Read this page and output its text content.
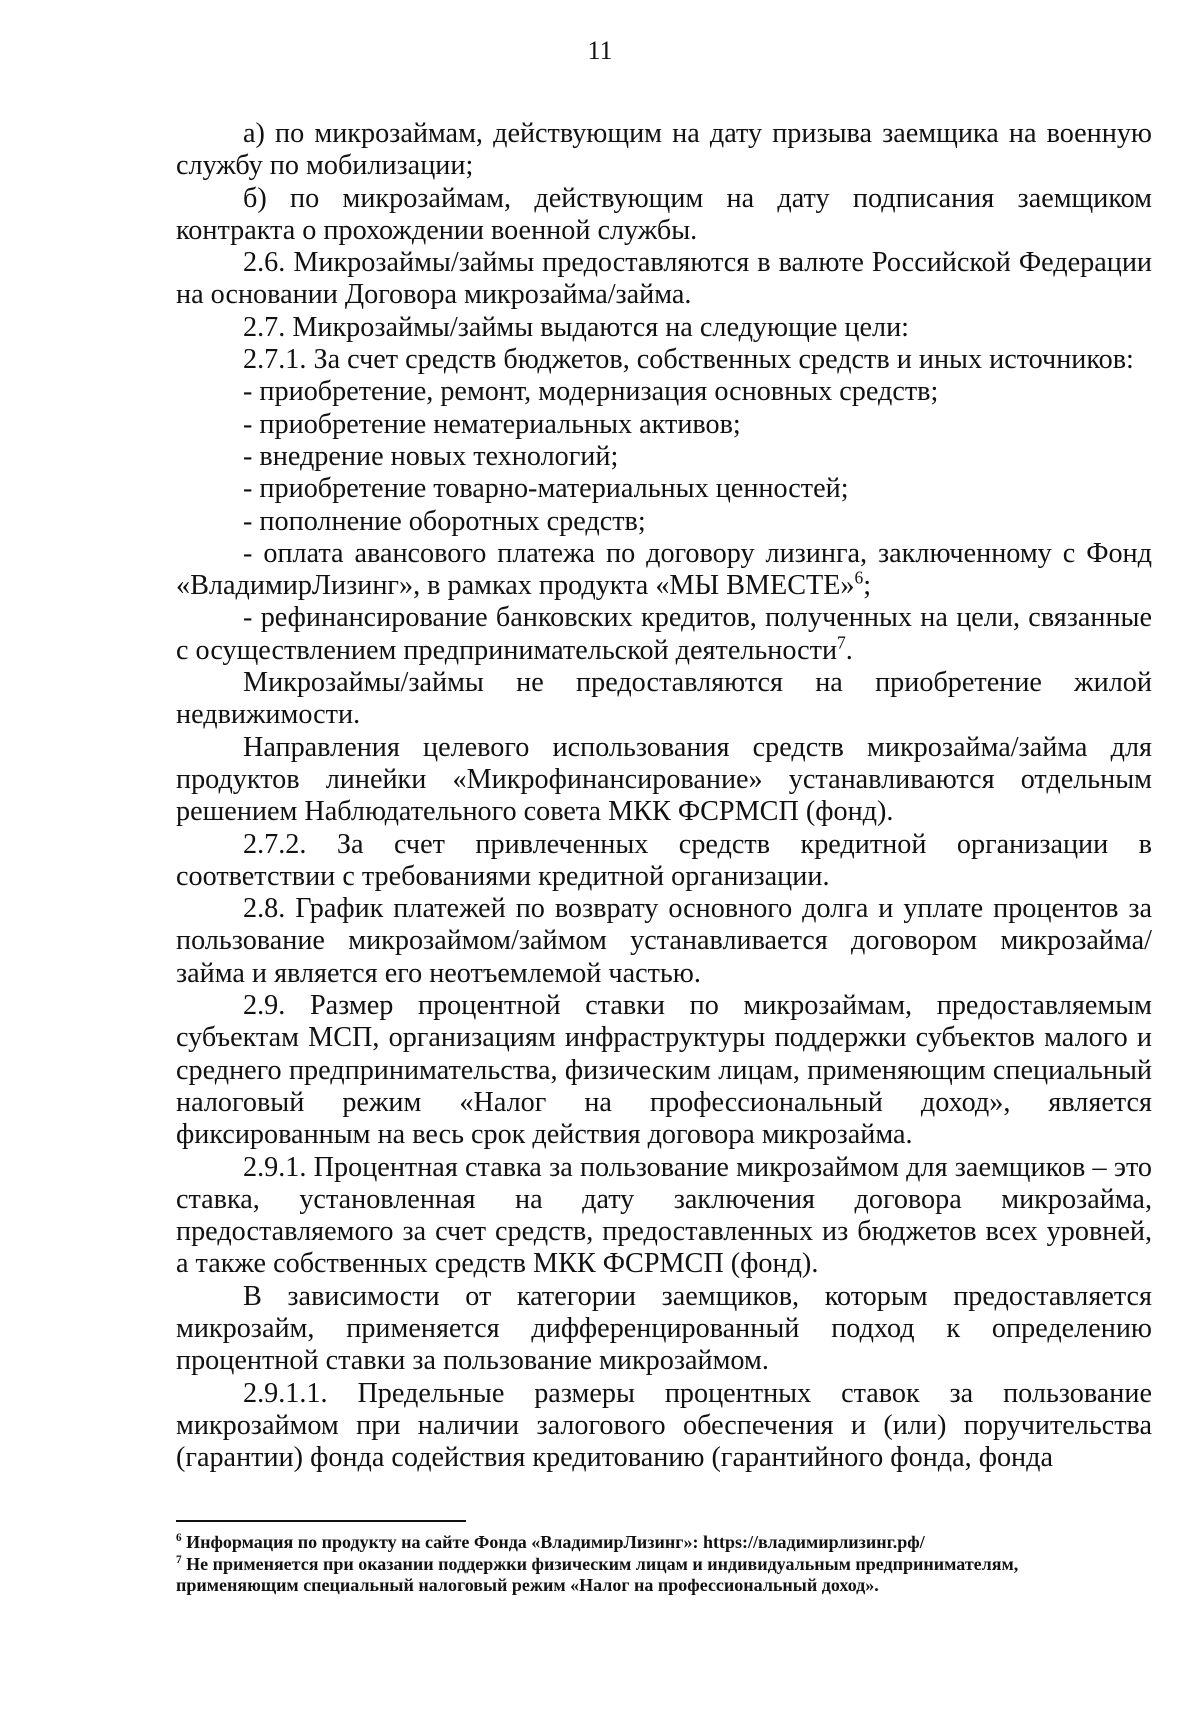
11

а) по микрозаймам, действующим на дату призыва заемщика на военную службу по мобилизации;

б) по микрозаймам, действующим на дату подписания заемщиком контракта о прохождении военной службы.

2.6. Микрозаймы/займы предоставляются в валюте Российской Федерации на основании Договора микрозайма/займа.

2.7. Микрозаймы/займы выдаются на следующие цели:

2.7.1. За счет средств бюджетов, собственных средств и иных источников:

- приобретение, ремонт, модернизация основных средств;

- приобретение нематериальных активов;

- внедрение новых технологий;

- приобретение товарно-материальных ценностей;

- пополнение оборотных средств;

- оплата авансового платежа по договору лизинга, заключенному с Фонд «ВладимирЛизинг», в рамках продукта «МЫ ВМЕСТЕ»$^6$;

- рефинансирование банковских кредитов, полученных на цели, связанные с осуществлением предпринимательской деятельности$^7$.

Микрозаймы/займы не предоставляются на приобретение жилой недвижимости.

Направления целевого использования средств микрозайма/займа для продуктов линейки «Микрофинансирование» устанавливаются отдельным решением Наблюдательного совета МКК ФСРМСП (фонд).

2.7.2. За счет привлеченных средств кредитной организации в соответствии с требованиями кредитной организации.

2.8. График платежей по возврату основного долга и уплате процентов за пользование микрозаймом/займом устанавливается договором микрозайма/займа и является его неотъемлемой частью.

2.9. Размер процентной ставки по микрозаймам, предоставляемым субъектам МСП, организациям инфраструктуры поддержки субъектов малого и среднего предпринимательства, физическим лицам, применяющим специальный налоговый режим «Налог на профессиональный доход», является фиксированным на весь срок действия договора микрозайма.

2.9.1. Процентная ставка за пользование микрозаймом для заемщиков – это ставка, установленная на дату заключения договора микрозайма, предоставляемого за счет средств, предоставленных из бюджетов всех уровней, а также собственных средств МКК ФСРМСП (фонд).

В зависимости от категории заемщиков, которым предоставляется микрозайм, применяется дифференцированный подход к определению процентной ставки за пользование микрозаймом.

2.9.1.1. Предельные размеры процентных ставок за пользование микрозаймом при наличии залогового обеспечения и (или) поручительства (гарантии) фонда содействия кредитованию (гарантийного фонда, фонда

$^6$ Информация по продукту на сайте Фонда «ВладимирЛизинг»: https://владимирлизинг.рф/

$^7$ Не применяется при оказании поддержки физическим лицам и индивидуальным предпринимателям, применяющим специальный налоговый режим «Налог на профессиональный доход».
